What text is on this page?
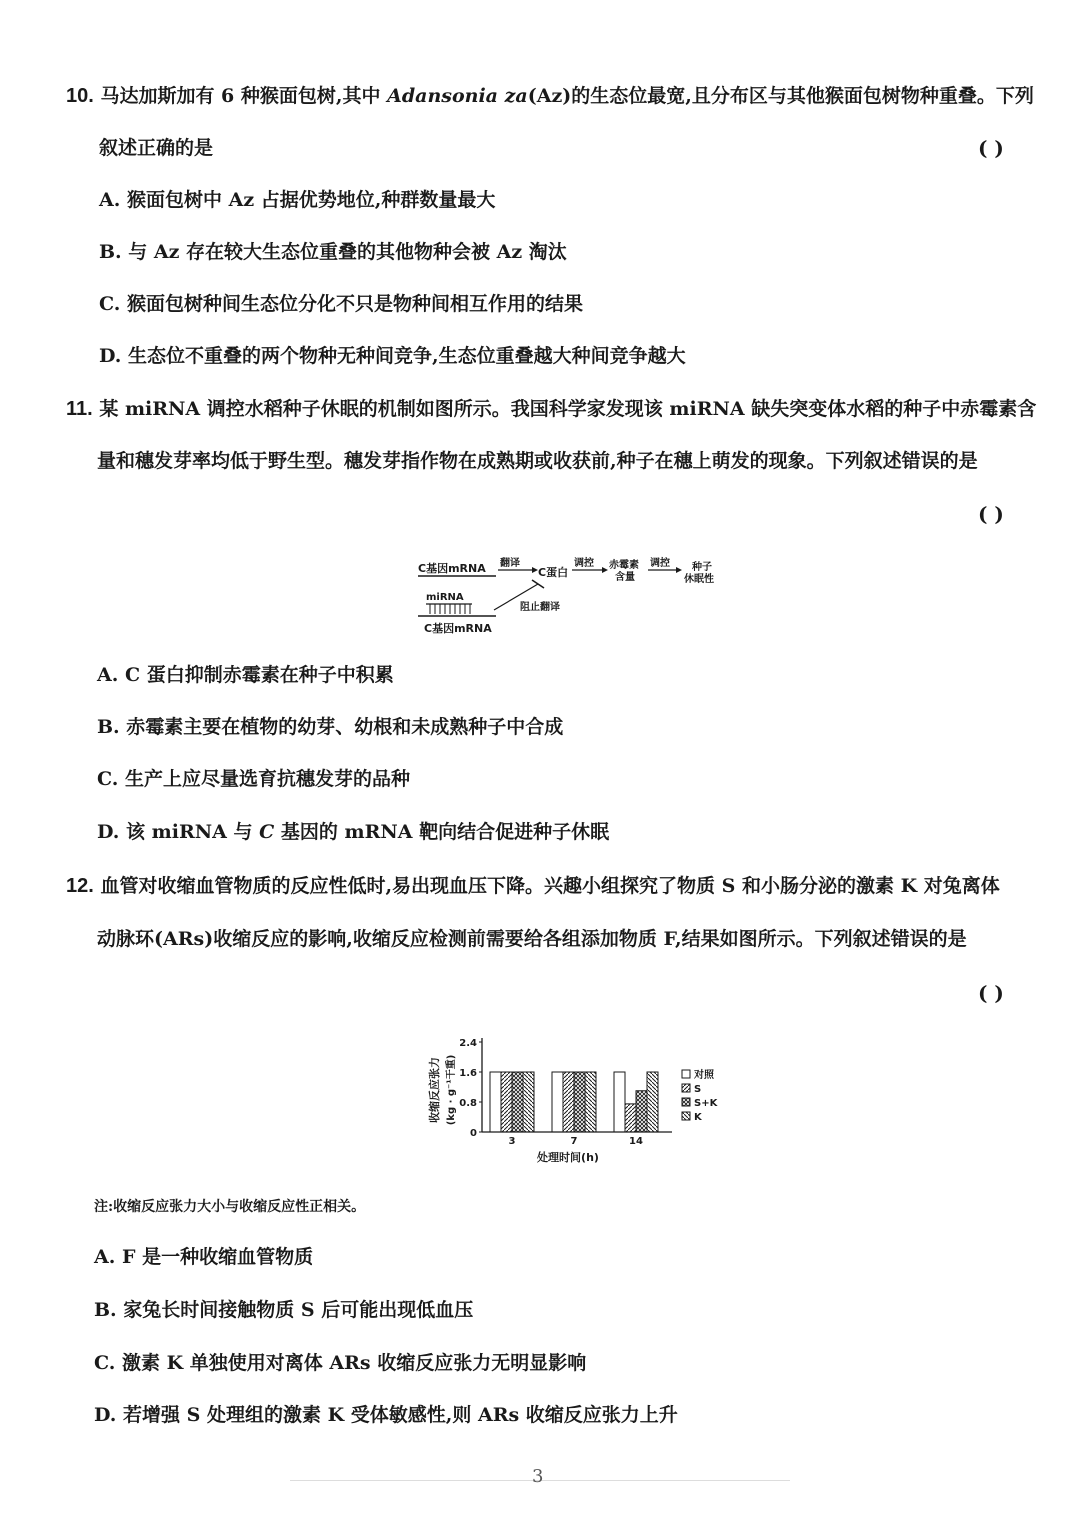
10. 马达加斯加有 6 种猴面包树,其中 Adansonia za(Az)的生态位最宽,且分布区与其他猴面包树物种重叠。下列
叙述正确的是	( )
A. 猴面包树中 Az 占据优势地位,种群数量最大
B. 与 Az 存在较大生态位重叠的其他物种会被 Az 淘汰
C. 猴面包树种间生态位分化不只是物种间相互作用的结果
D. 生态位不重叠的两个物种无种间竞争,生态位重叠越大种间竞争越大
11. 某 miRNA 调控水稻种子休眠的机制如图所示。我国科学家发现该 miRNA 缺失突变体水稻的种子中赤霉素含
量和穗发芽率均低于野生型。穗发芽指作物在成熟期或收获前,种子在穗上萌发的现象。下列叙述错误的是
( )
C基因mRNA 翻译
C蛋白
调控 赤霉素
含量
调控 种子
休眠性
miRNA
C基因mRNA
阻止翻译
A. C 蛋白抑制赤霉素在种子中积累
B. 赤霉素主要在植物的幼芽、幼根和未成熟种子中合成
C. 生产上应尽量选育抗穗发芽的品种
D. 该 miRNA 与 C 基因的 mRNA 靶向结合促进种子休眠
12. 血管对收缩血管物质的反应性低时,易出现血压下降。兴趣小组探究了物质 S 和小肠分泌的激素 K 对兔离体
动脉环(ARs)收缩反应的影响,收缩反应检测前需要给各组添加物质 F,结果如图所示。下列叙述错误的是
( )
收缩反应张力 (kg · g⁻¹干重)
0
0.8
1.6
2.4
3	7	14
对照
S
S+K
K
处理时间(h)
注:收缩反应张力大小与收缩反应性正相关。
A. F 是一种收缩血管物质
B. 家兔长时间接触物质 S 后可能出现低血压
C. 激素 K 单独使用对离体 ARs 收缩反应张力无明显影响
D. 若增强 S 处理组的激素 K 受体敏感性,则 ARs 收缩反应张力上升
3
